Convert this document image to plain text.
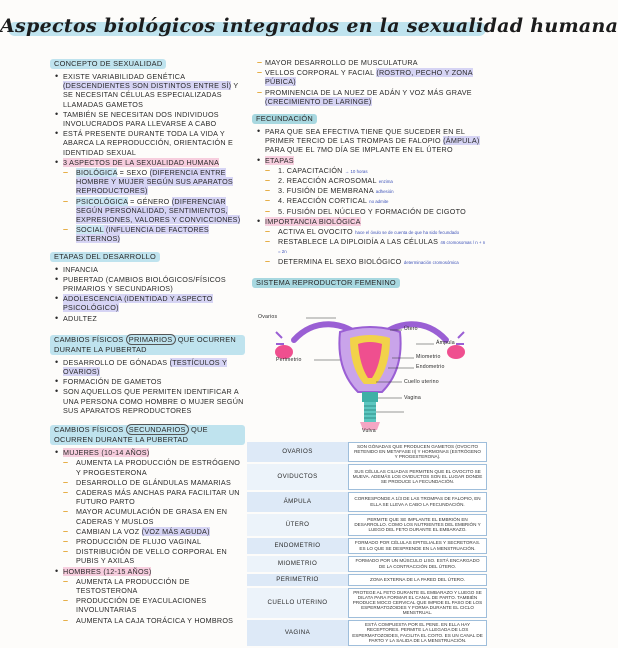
Aspectos biológicos integrados en la sexualidad humana
CONCEPTO DE SEXUALIDAD
• EXISTE VARIABILIDAD GENÉTICA (DESCENDIENTES SON DISTINTOS ENTRE SÍ) Y SE NECESITAN CÉLULAS ESPECIALIZADAS LLAMADAS GAMETOS
• TAMBIÉN SE NECESITAN DOS INDIVIDUOS INVOLUCRADOS PARA LLEVARSE A CABO
• ESTÁ PRESENTE DURANTE TODA LA VIDA Y ABARCA LA REPRODUCCIÓN, ORIENTACIÓN E IDENTIDAD SEXUAL
• 3 ASPECTOS DE LA SEXUALIDAD HUMANA
– BIOLÓGICA = SEXO (DIFERENCIA ENTRE HOMBRE Y MUJER SEGÚN SUS APARATOS REPRODUCTORES)
– PSICOLÓGICA = GÉNERO (DIFERENCIAR SEGÚN PERSONALIDAD, SENTIMIENTOS, EXPRESIONES, VALORES Y CONVICCIONES)
– SOCIAL (INFLUENCIA DE FACTORES EXTERNOS)
ETAPAS DEL DESARROLLO
• INFANCIA
• PUBERTAD (CAMBIOS BIOLÓGICOS/FÍSICOS PRIMARIOS Y SECUNDARIOS)
• ADOLESCENCIA (IDENTIDAD Y ASPECTO PSICOLÓGICO)
• ADULTEZ
CAMBIOS FÍSICOS PRIMARIOS QUE OCURREN DURANTE LA PUBERTAD
• DESARROLLO DE GÓNADAS (TESTÍCULOS Y OVARIOS)
• FORMACIÓN DE GAMETOS
• SON AQUELLOS QUE PERMITEN IDENTIFICAR A UNA PERSONA COMO HOMBRE O MUJER SEGÚN SUS APARATOS REPRODUCTORES
CAMBIOS FÍSICOS SECUNDARIOS QUE OCURREN DURANTE LA PUBERTAD
• MUJERES (10-14 AÑOS)
– AUMENTA LA PRODUCCIÓN DE ESTRÓGENO Y PROGESTERONA
– DESARROLLO DE GLÁNDULAS MAMARIAS
– CADERAS MÁS ANCHAS PARA FACILITAR UN FUTURO PARTO
– MAYOR ACUMULACIÓN DE GRASA EN EN CADERAS Y MUSLOS
– CAMBIAN LA VOZ (VOZ MÁS AGUDA)
– PRODUCCIÓN DE FLUJO VAGINAL
– DISTRIBUCIÓN DE VELLO CORPORAL EN PUBIS Y AXILAS
• HOMBRES (12-15 AÑOS)
– AUMENTA LA PRODUCCIÓN DE TESTOSTERONA
– PRODUCCIÓN DE EYACULACIONES INVOLUNTARIAS
– AUMENTA LA CAJA TORÁCICA Y HOMBROS
– MAYOR DESARROLLO DE MUSCULATURA
– VELLOS CORPORAL Y FACIAL (ROSTRO, PECHO Y ZONA PÚBICA)
– PROMINENCIA DE LA NUEZ DE ADÁN Y VOZ MÁS GRAVE (CRECIMIENTO DE LARINGE)
FECUNDACIÓN
• PARA QUE SEA EFECTIVA TIENE QUE SUCEDER EN EL PRIMER TERCIO DE LAS TROMPAS DE FALOPIO (ÁMPULA) PARA QUE EL 7MO DÍA SE IMPLANTE EN EL ÚTERO
• ETAPAS
– 1. CAPACITACIÓN → 10 horas
– 2. REACCIÓN ACROSOMAL enzima
– 3. FUSIÓN DE MEMBRANA adhesión
– 4. REACCIÓN CORTICAL no admite
– 5. FUSIÓN DEL NÚCLEO Y FORMACIÓN DE CIGOTO
• IMPORTANCIA BIOLÓGICA
– ACTIVA EL OVOCITO hace el óvulo se de cuenta de que ha sido fecundado
– RESTABLECE LA DIPLOIDÍA A LAS CÉLULAS 46 cromosomas / n + n = 2n
– DETERMINA EL SEXO BIOLÓGICO determinación cromosómica
SISTEMA REPRODUCTOR FEMENINO
Útero
Ovarios
Ámpula
Perimetrio	Miometrio
Endometrio
Cuello uterino
Vagina
Vulva
OVARIOS	SON GÓNADAS QUE PRODUCEN GAMETOS (OVOCITO RETENIDO EN METAFASE II) Y HORMONAS (ESTRÓGENO Y PROGESTERONA).
OVIDUCTOS	SUS CÉLULAS CILIADAS PERMITEN QUE EL OVOCITO SE MUEVA. ADEMÁS LOS OVIDUCTOS SON EL LUGAR DONDE SE PRODUCE LA FECUNDACIÓN.
ÁMPULA	CORRESPONDE A 1/3 DE LAS TROMPAS DE FALOPIO, EN ELLA SE LLEVA A CABO LA FECUNDACIÓN.
ÚTERO	PERMITE QUE SE IMPLANTE EL EMBRIÓN EN DESARROLLO. COMO LOS NUTRIENTES DEL EMBRIÓN Y LUEGO DEL FETO DURANTE EL EMBARAZO.
ENDOMETRIO	FORMADO POR CÉLULAS EPITELIALES Y SECRETORAS. ES LO QUE SE DESPRENDE EN LA MENSTRUACIÓN.
MIOMETRIO	FORMADO POR UN MÚSCULO LISO. ESTÁ ENCARGADO DE LA CONTRACCIÓN DEL ÚTERO.
PERIMETRIO	ZONA EXTERNA DE LA PARED DEL ÚTERO.
CUELLO UTERINO	PROTEGE AL FETO DURANTE EL EMBARAZO Y LUEGO SE DILATA PARA FORMAR EL CANAL DE PARTO. TAMBIÉN PRODUCE MOCO CERVICAL QUE IMPIDE EL PASO DE LOS ESPERMATOZOIDES Y FORMA DURANTE EL CICLO MENSTRUAL.
VAGINA	ESTÁ COMPUESTA POR EL PENE. EN ELLA HAY RECEPTORES. PERMITE LA LLEGADA DE LOS ESPERMATOZOIDES, FACILITA EL COITO. ES UN CANAL DE PARTO Y LA SALIDA DE LA MENSTRUACIÓN.
